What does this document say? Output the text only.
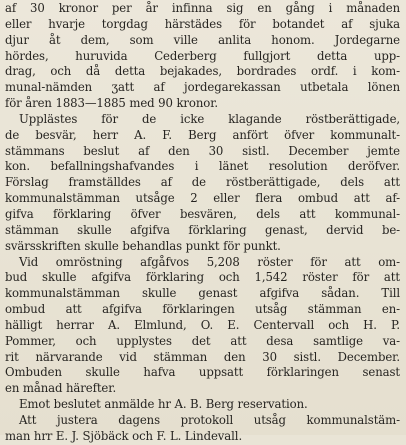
af 30 kronor per år infinna sig en gång i månaden
eller hvarje torgdag härstädes för botandet af sjuka
djur åt dem, som ville anlita honom. Jordegarne
hördes, huruvida Cederberg fullgjort detta upp-
drag, och då detta bejakades, bordrades ordf. i kom-
munal-nämden ʒatt af jordegarekassan utbetala lönen
för åren 1883—1885 med 90 kronor.

Upplästes för de icke klagande röstberättigade,
de besvär, herr A. F. Berg anfört öfver kommunalt-
stämmans beslut af den 30 sistl. December jemte
kon. befallningshafvandes i länet resolution deröfver.
Förslag framställdes af de röstberättigade, dels att
kommunalstämman utsåge 2 eller flera ombud att af-
gifva förklaring öfver besvären, dels att kommunal-
stämman skulle afgifva förklaring genast, dervid be-
svärsskriften skulle behandlas punkt för punkt.

Vid omröstning afgåfvos 5,208 röster för att om-
bud skulle afgifva förklaring och 1,542 röster för att
kommunalstämman skulle genast afgifva sådan. Till
ombud att afgifva förklaringen utsåg stämman en-
hälligt herrar A. Elmlund, O. E. Centervall och H. P.
Pommer, och upplystes det att desa samtlige va-
rit närvarande vid stämman den 30 sistl. December.
Ombuden skulle hafva uppsatt förklaringen senast
en månad härefter.

Emot beslutet anmälde hr A. B. Berg reservation.

Att justera dagens protokoll utsåg kommunalstäm-
man hrr E. J. Sjöbäck och F. L. Lindevall.
